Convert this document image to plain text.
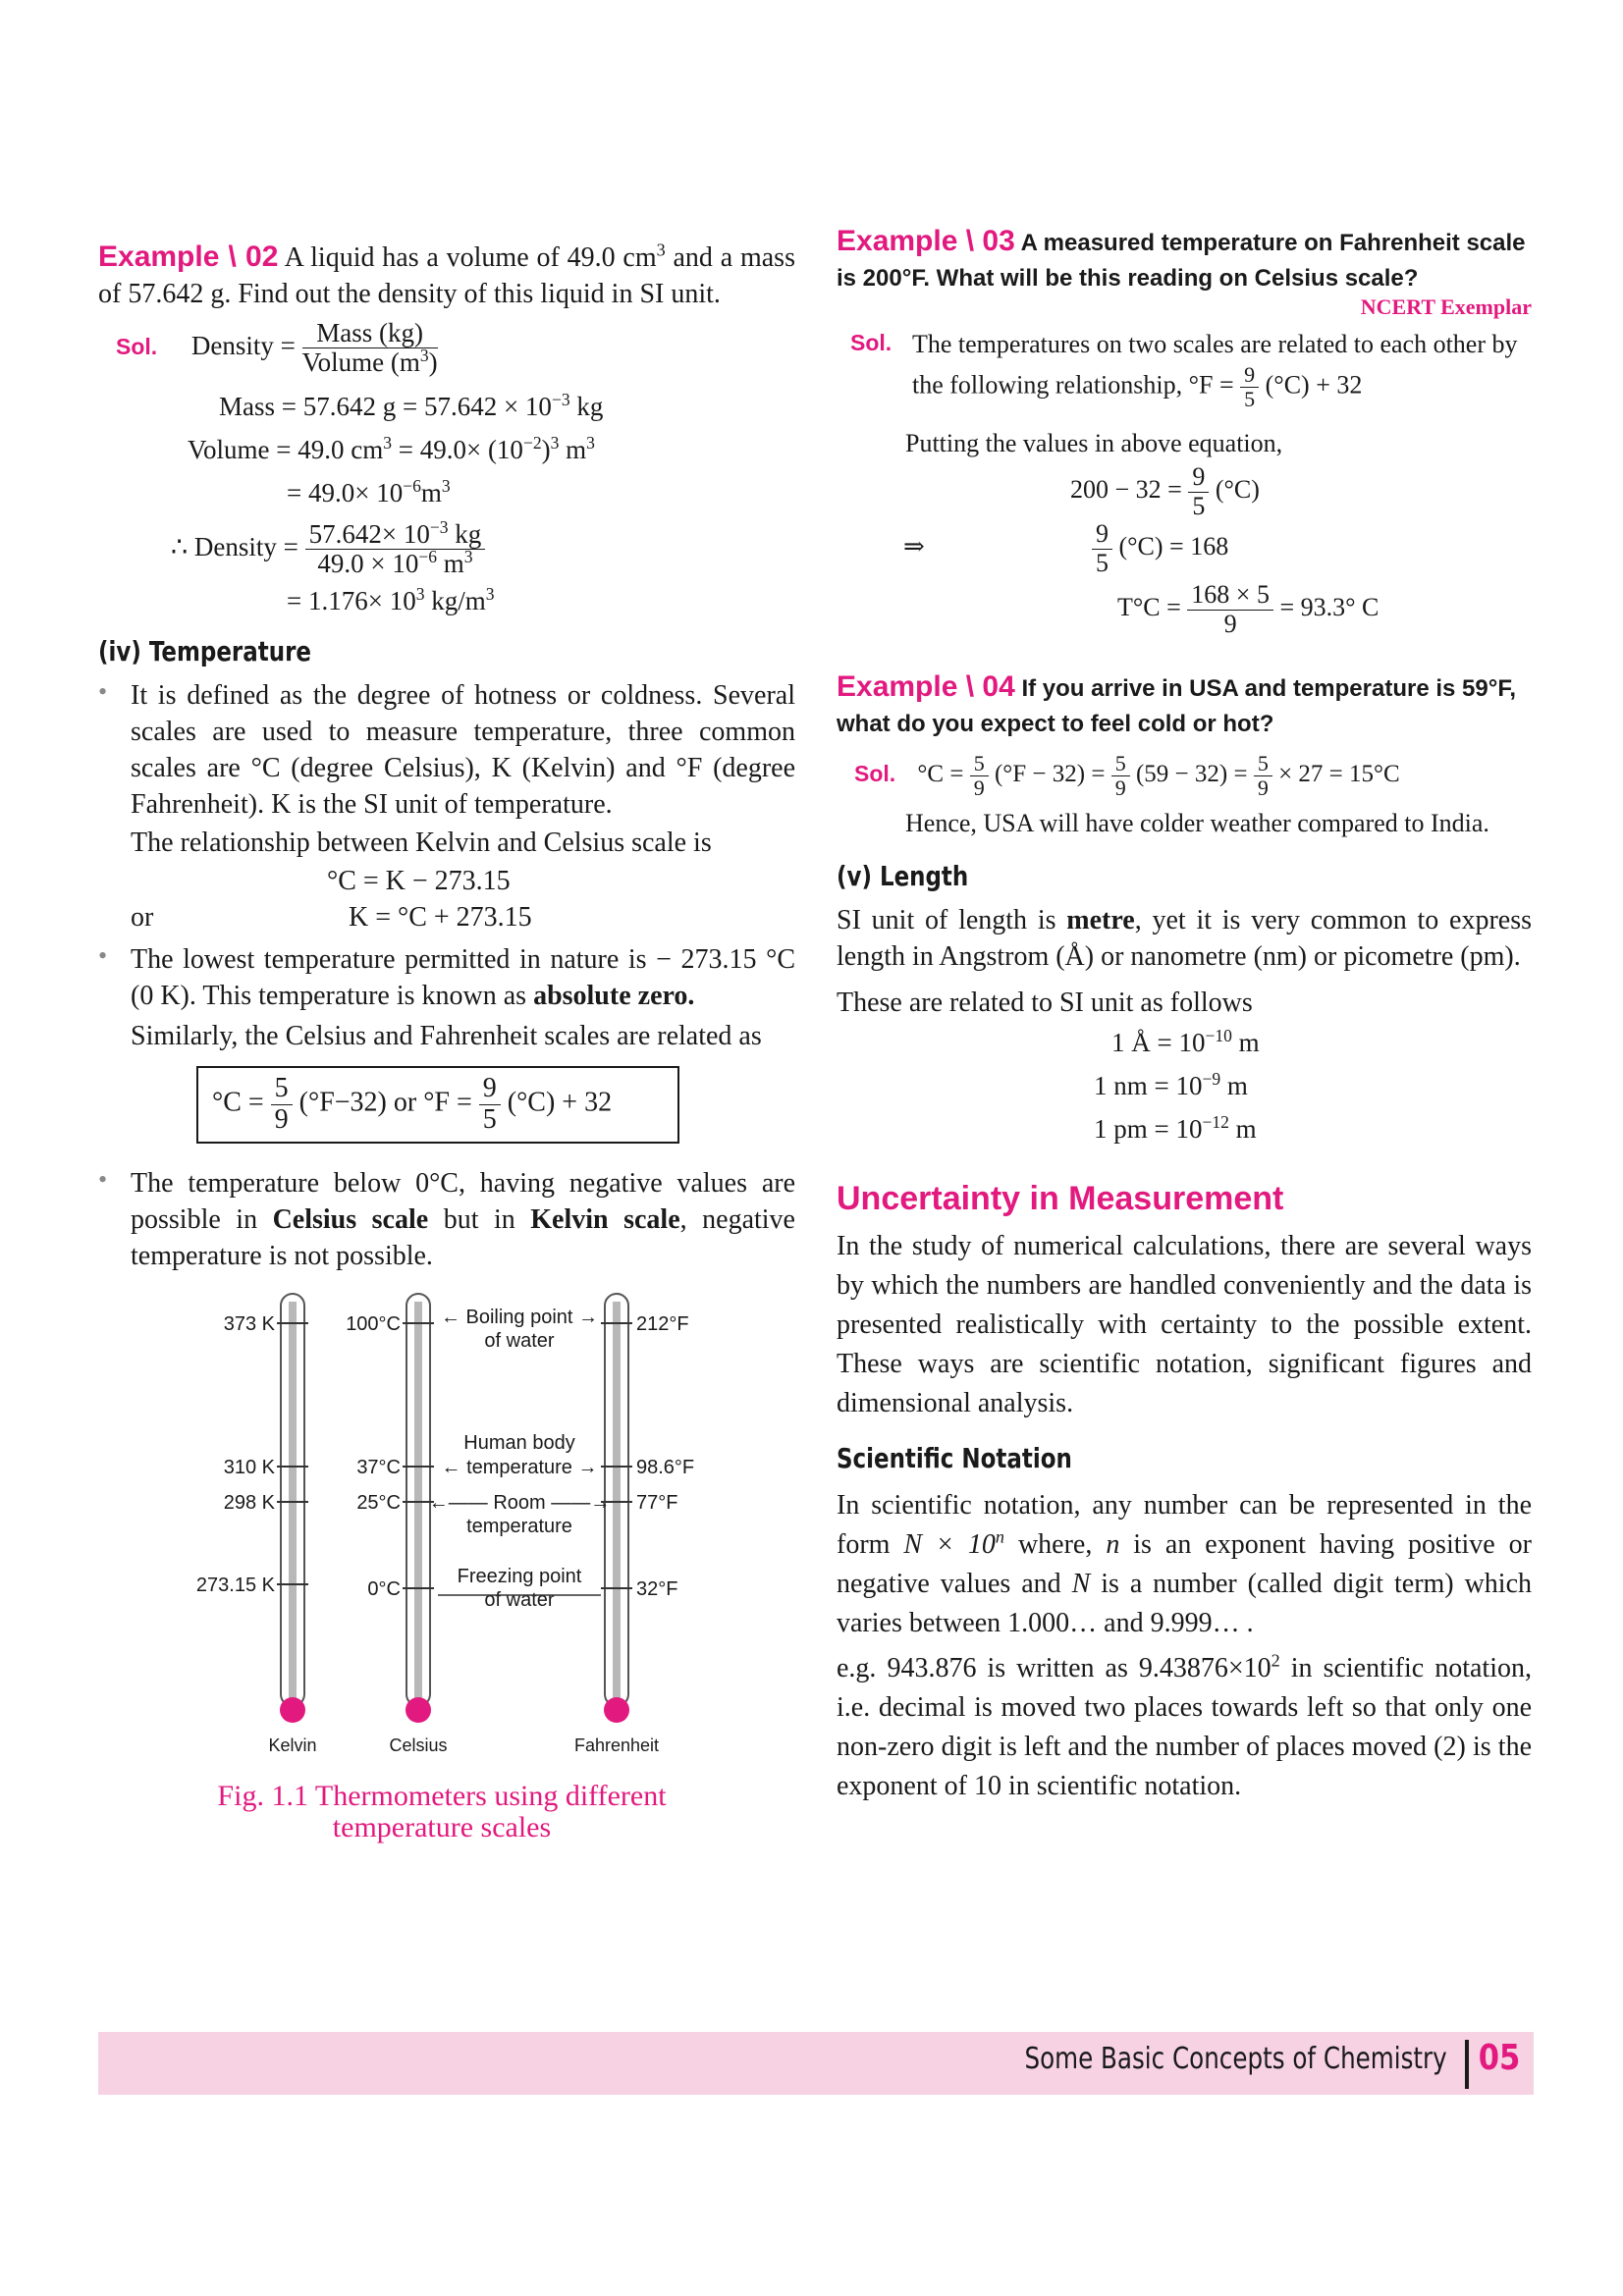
Example \ 02 A liquid has a volume of 49.0 $cm^3$ and a mass of 57.642 g. Find out the density of this liquid in SI unit.

Sol. Density = $\frac{\text{Mass (kg)}}{Volume (m^3)}$
Mass = 57.642 $g = 57.642 \times 10^{-3}$ kg
Volume = 49.0 $cm^3 = 49.0\times (10^{-2})^3$ $m^3$
= $49.0\times 10^{-6}m^3$
∴ Density = $\frac{57.642\times 10^{-3} kg}{49.0 \times 10^{-6} m^3}$
= $1.176\times 10^3$ $kg/m^3$

(iv) Temperature

• It is defined as the degree of hotness or coldness. Several scales are used to measure temperature, three common scales are °C (degree Celsius), K (Kelvin) and °F (degree Fahrenheit). K is the SI unit of temperature.

The relationship between Kelvin and Celsius scale is

°C = K − 273.15

or	K = °C + 273.15

• The lowest temperature permitted in nature is − 273.15 °C (0 K). This temperature is known as absolute zero.

Similarly, the Celsius and Fahrenheit scales are related as

$^\circ C = \frac{5}{9} (^\circ F-32)$ or $^\circ F = \frac{9}{5} (^\circ C) + 32$

• The temperature below 0°C, having negative values are possible in Celsius scale but in Kelvin scale, negative temperature is not possible.

373 K
310 K
298 K
273.15 K
100°C
37°C
25°C
0°C
212°F
98.6°F
77°F
32°F
← Boiling point →
of water
Human body
← temperature →
←—— Room ——→
temperature
Freezing point
of water
Kelvin	Celsius	Fahrenheit
Fig. 1.1 Thermometers using different
temperature scales

Example \ 03 A measured temperature on Fahrenheit scale is 200°F. What will be this reading on Celsius scale?

NCERT Exemplar
Sol. The temperatures on two scales are related to each other by the following relationship, $^\circ F = \frac{9}{5} (^\circ C) + 32$

Putting the values in above equation,

$200 - 32 = \frac{9}{5} (^\circ C)$
⇒	$\frac{9}{5} (^\circ C) = 168$
$T^\circ C = \frac{168 \times 5}{9} = 93.3^\circ$ C

Example \ 04 If you arrive in USA and temperature is 59°F, what do you expect to feel cold or hot?

Sol. $^\circ C = \frac{5}{9} (^\circ F - 32) = \frac{5}{9} (59 - 32) = \frac{5}{9} \times 27 = 15^\circ C$

Hence, USA will have colder weather compared to India.

(v) Length

SI unit of length is metre, yet it is very common to express length in Angstrom (Å) or nanometre (nm) or picometre (pm).

These are related to SI unit as follows

1 Å = $10^{-10}$ m
1 nm = $10^{-9}$ m
1 pm = $10^{-12}$ m

Uncertainty in Measurement

In the study of numerical calculations, there are several ways by which the numbers are handled conveniently and the data is presented realistically with certainty to the possible extent. These ways are scientific notation, significant figures and dimensional analysis.

Scientific Notation

In scientific notation, any number can be represented in the form $N \times 10^n$ where, n is an exponent having positive or negative values and N is a number (called digit term) which varies between 1.000… and 9.999… .

e.g. 943.876 is written as $9.43876\times 10^2$ in scientific notation, i.e. decimal is moved two places towards left so that only one non-zero digit is left and the number of places moved (2) is the exponent of 10 in scientific notation.

Some Basic Concepts of Chemistry 05
